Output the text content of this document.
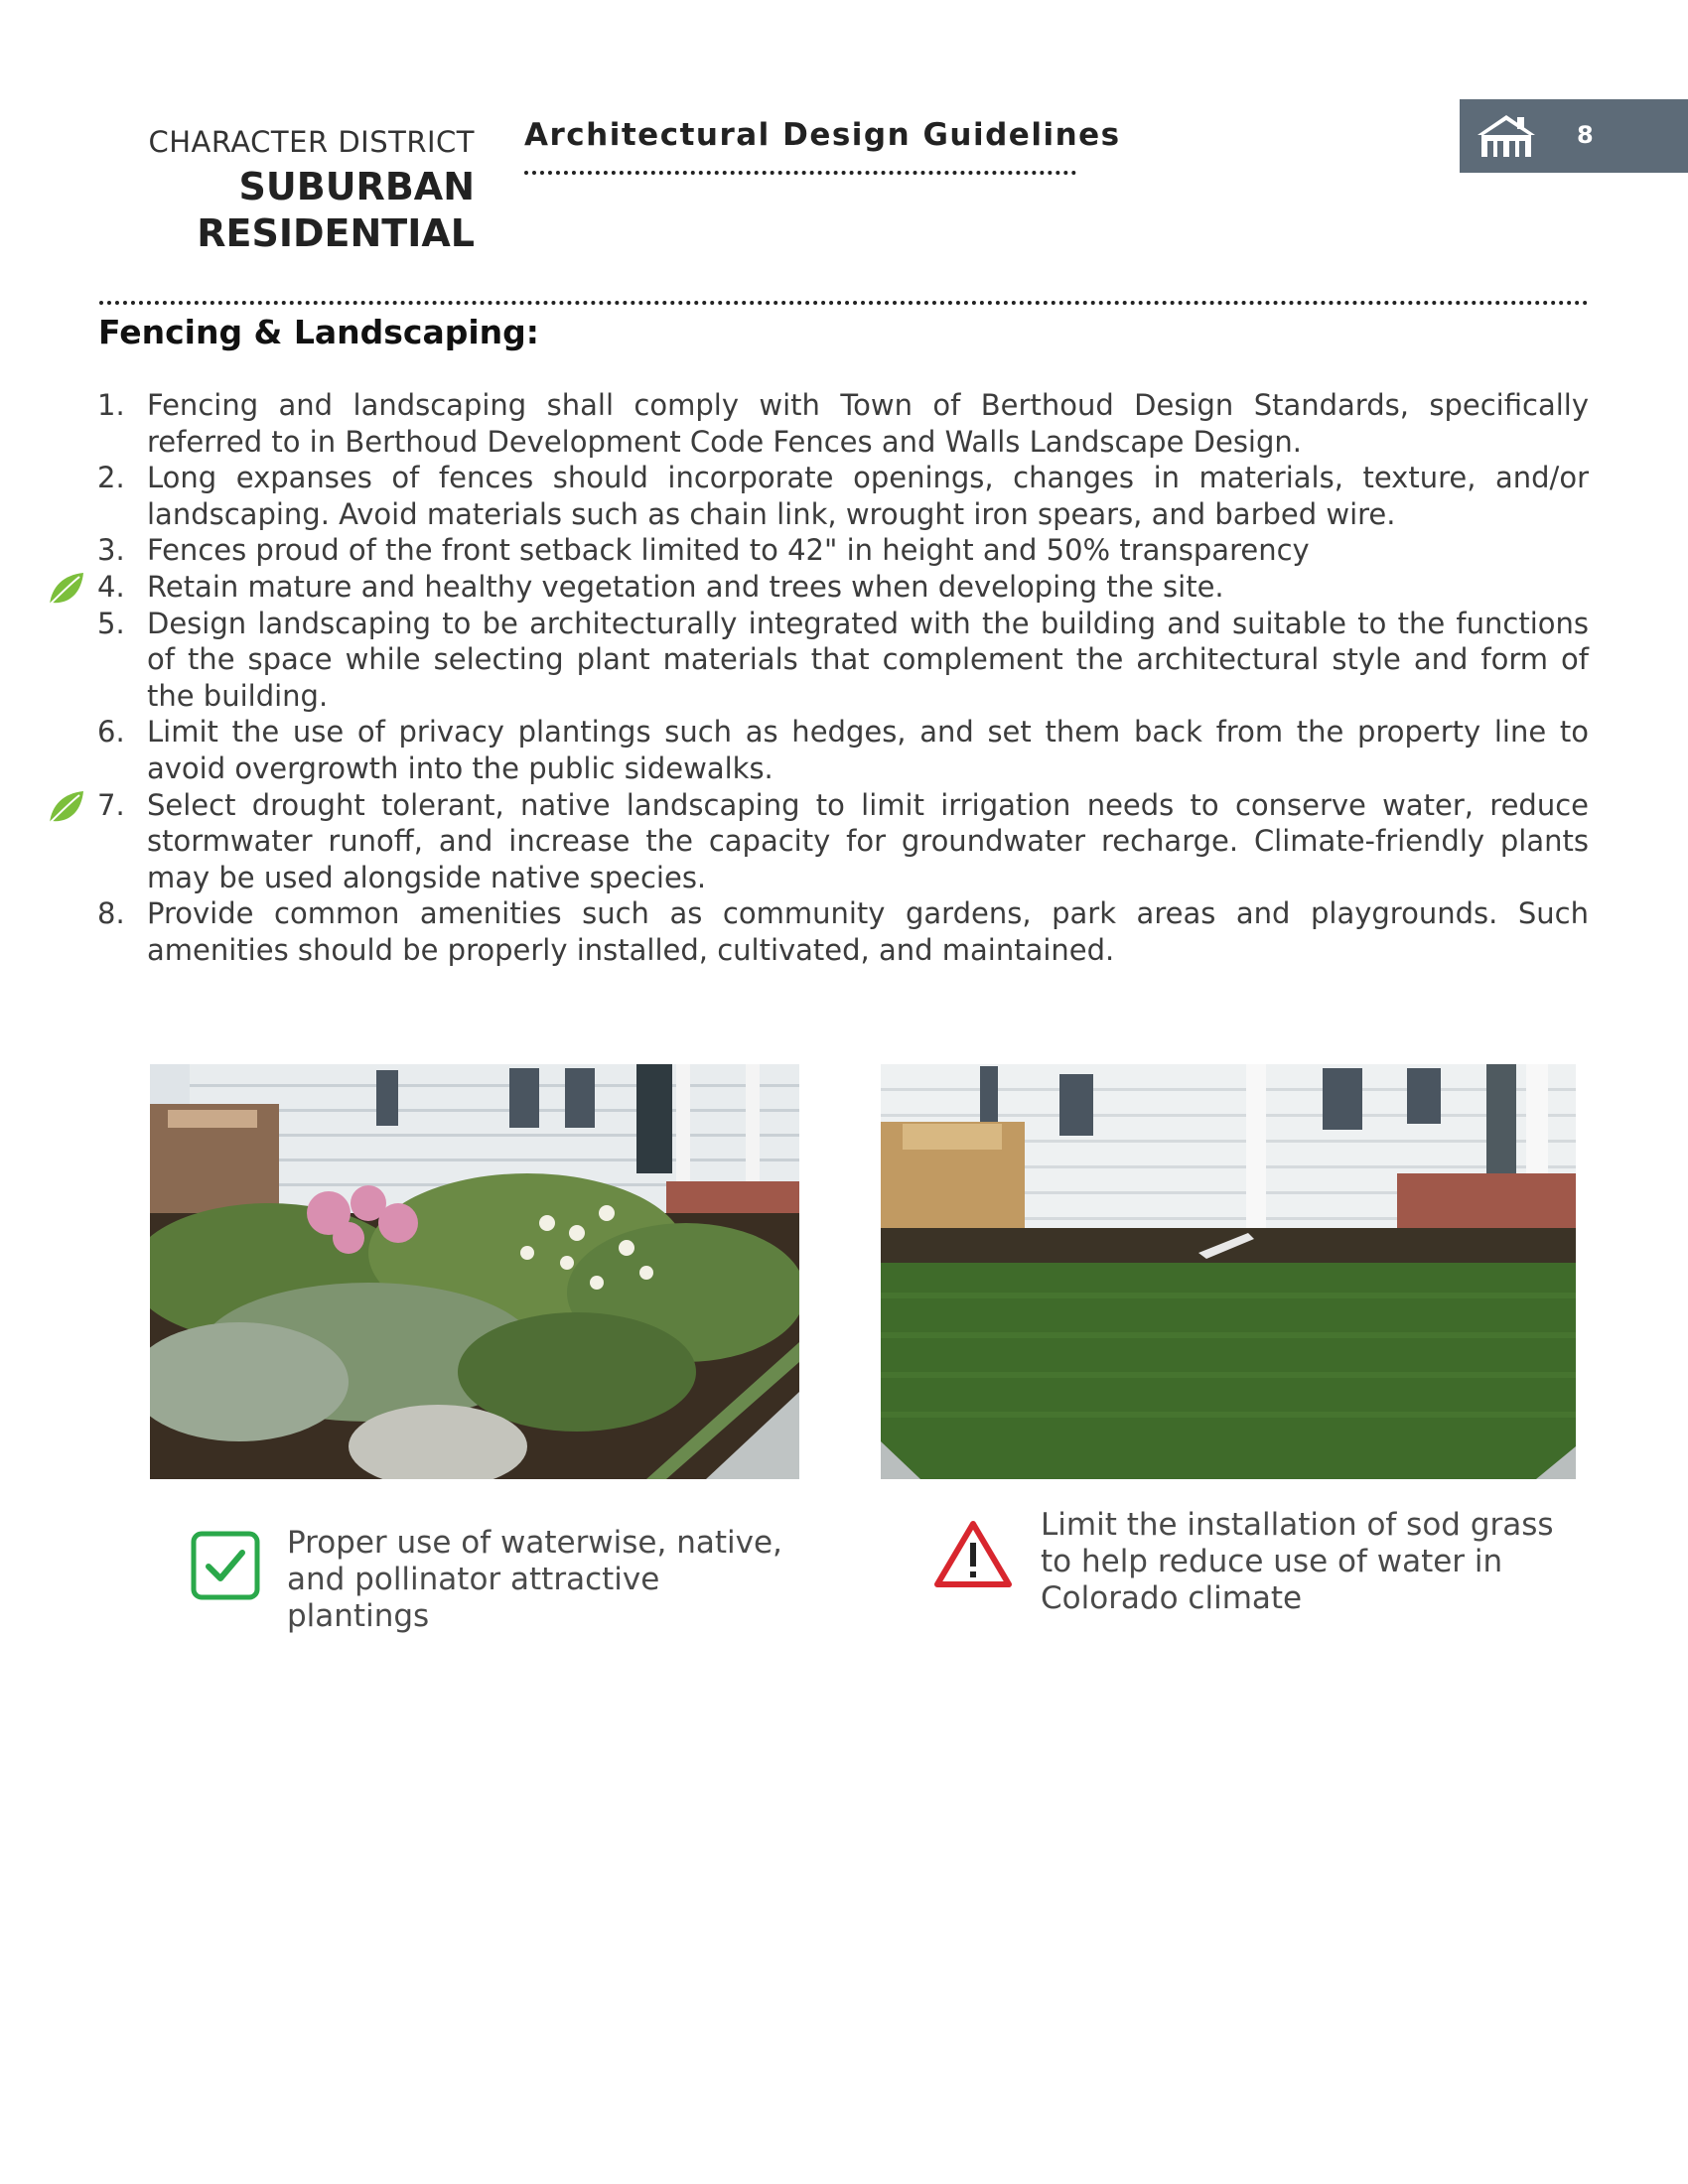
CHARACTER DISTRICT
SUBURBAN
RESIDENTIAL
Architectural Design Guidelines	8
Fencing & Landscaping:
1. Fencing and landscaping shall comply with Town of Berthoud Design Standards, specifically referred to in Berthoud Development Code Fences and Walls Landscape Design.
2. Long expanses of fences should incorporate openings, changes in materials, texture, and/or landscaping. Avoid materials such as chain link, wrought iron spears, and barbed wire.
3. Fences proud of the front setback limited to 42" in height and 50% transparency
4. Retain mature and healthy vegetation and trees when developing the site.
5. Design landscaping to be architecturally integrated with the building and suitable to the functions of the space while selecting plant materials that complement the architectural style and form of the building.
6. Limit the use of privacy plantings such as hedges, and set them back from the property line to avoid overgrowth into the public sidewalks.
7. Select drought tolerant, native landscaping to limit irrigation needs to conserve water, reduce stormwater runoff, and increase the capacity for groundwater recharge. Climate-friendly plants may be used alongside native species.
8. Provide common amenities such as community gardens, park areas and playgrounds. Such amenities should be properly installed, cultivated, and maintained.
Proper use of waterwise, native,
and pollinator attractive plantings
Limit the installation of sod grass
to help reduce use of water in
Colorado climate
